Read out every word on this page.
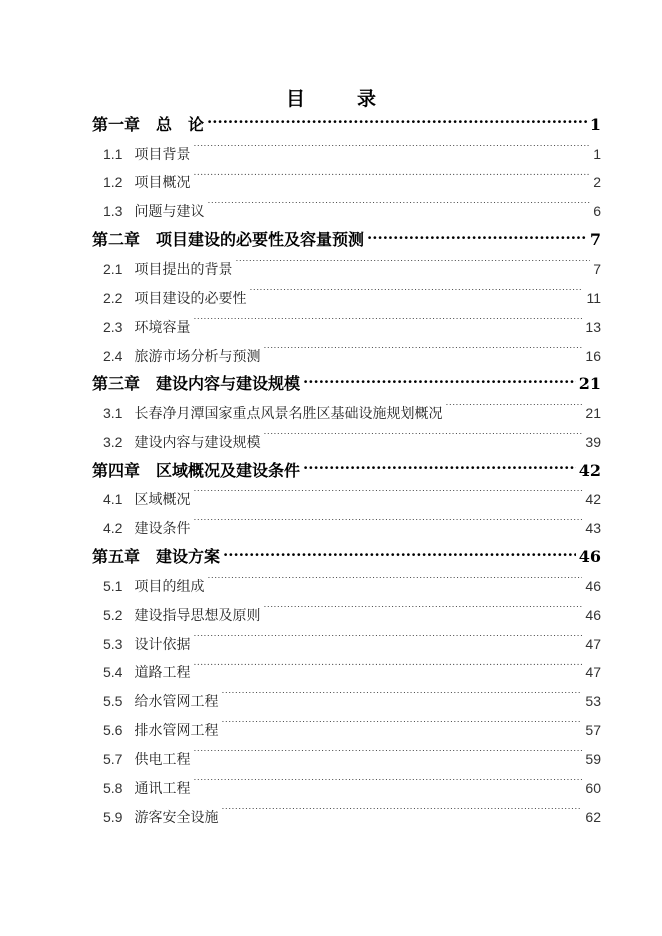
目	录
第一章 总　论 .....	1
1.1 项目背景 .....	1
1.2 项目概况 .....	2
1.3 问题与建议 .....	6
第二章 项目建设的必要性及容量预测 .....	7
2.1 项目提出的背景 .....	7
2.2 项目建设的必要性 .....	11
2.3 环境容量 .....	13
2.4 旅游市场分析与预测 .....	16
第三章 建设内容与建设规模 .....	21
3.1 长春净月潭国家重点风景名胜区基础设施规划概况 .....	21
3.2 建设内容与建设规模 .....	39
第四章 区域概况及建设条件 .....	42
4.1 区域概况 .....	42
4.2 建设条件 .....	43
第五章 建设方案 .....	46
5.1 项目的组成 .....	46
5.2 建设指导思想及原则 .....	46
5.3 设计依据 .....	47
5.4 道路工程 .....	47
5.5 给水管网工程 .....	53
5.6 排水管网工程 .....	57
5.7 供电工程 .....	59
5.8 通讯工程 .....	60
5.9 游客安全设施 .....	62
